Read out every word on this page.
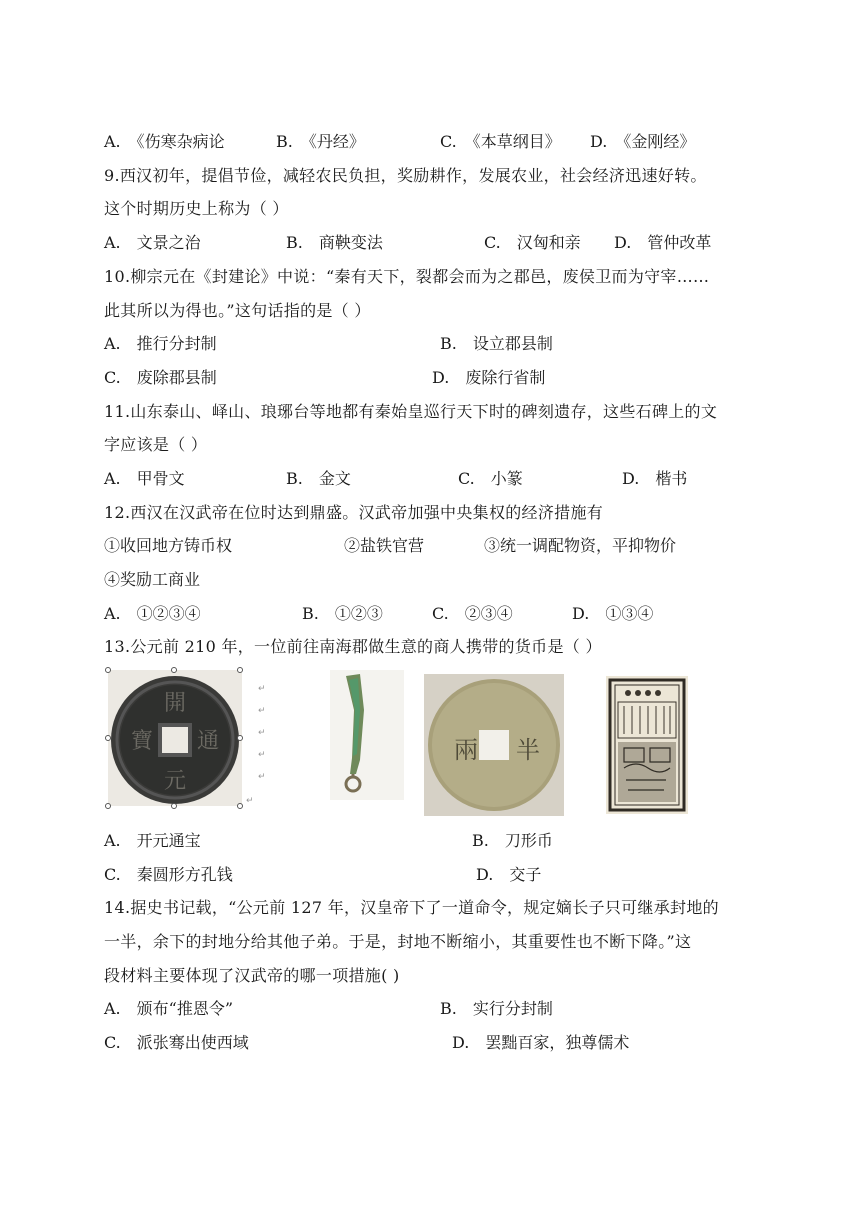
A.　《伤寒杂病论	B.　《丹经》	C.　《本草纲目》 D.　《金刚经》
9.西汉初年，提倡节俭，减轻农民负担，奖励耕作，发展农业，社会经济迅速好转。
这个时期历史上称为（ ）
A.　文景之治	B.　商鞅变法	C.　汉匈和亲 D.　管仲改革
10.柳宗元在《封建论》中说：“秦有天下，裂都会而为之郡邑，废侯卫而为守宰……
此其所以为得也。”这句话指的是（ ）
A.　推行分封制	B.　设立郡县制
C.　废除郡县制	D.　废除行省制
11.山东泰山、峄山、琅琊台等地都有秦始皇巡行天下时的碑刻遗存，这些石碑上的文
字应该是（ ）
A.　甲骨文	B.　金文	C.　小篆	D.　楷书
12.西汉在汉武帝在位时达到鼎盛。汉武帝加强中央集权的经济措施有
①收回地方铸币权	②盐铁官营	③统一调配物资，平抑物价
④奖励工商业
A.　①②③④	B.　①②③	C.　②③④	D.　①③④
13.公元前 210 年，一位前往南海郡做生意的商人携带的货币是（ ）
開
元
通
寶
↵
↵
↵
↵
↵
↵
兩 半
A.　开元通宝	B.　刀形币
C.　秦圆形方孔钱	D.　交子
14.据史书记载，“公元前 127 年，汉皇帝下了一道命令，规定嫡长子只可继承封地的
一半，余下的封地分给其他子弟。于是，封地不断缩小，其重要性也不断下降。”这
段材料主要体现了汉武帝的哪一项措施( )
A.　颁布“推恩令”	B.　实行分封制
C.　派张骞出使西域	D.　罢黜百家，独尊儒术
